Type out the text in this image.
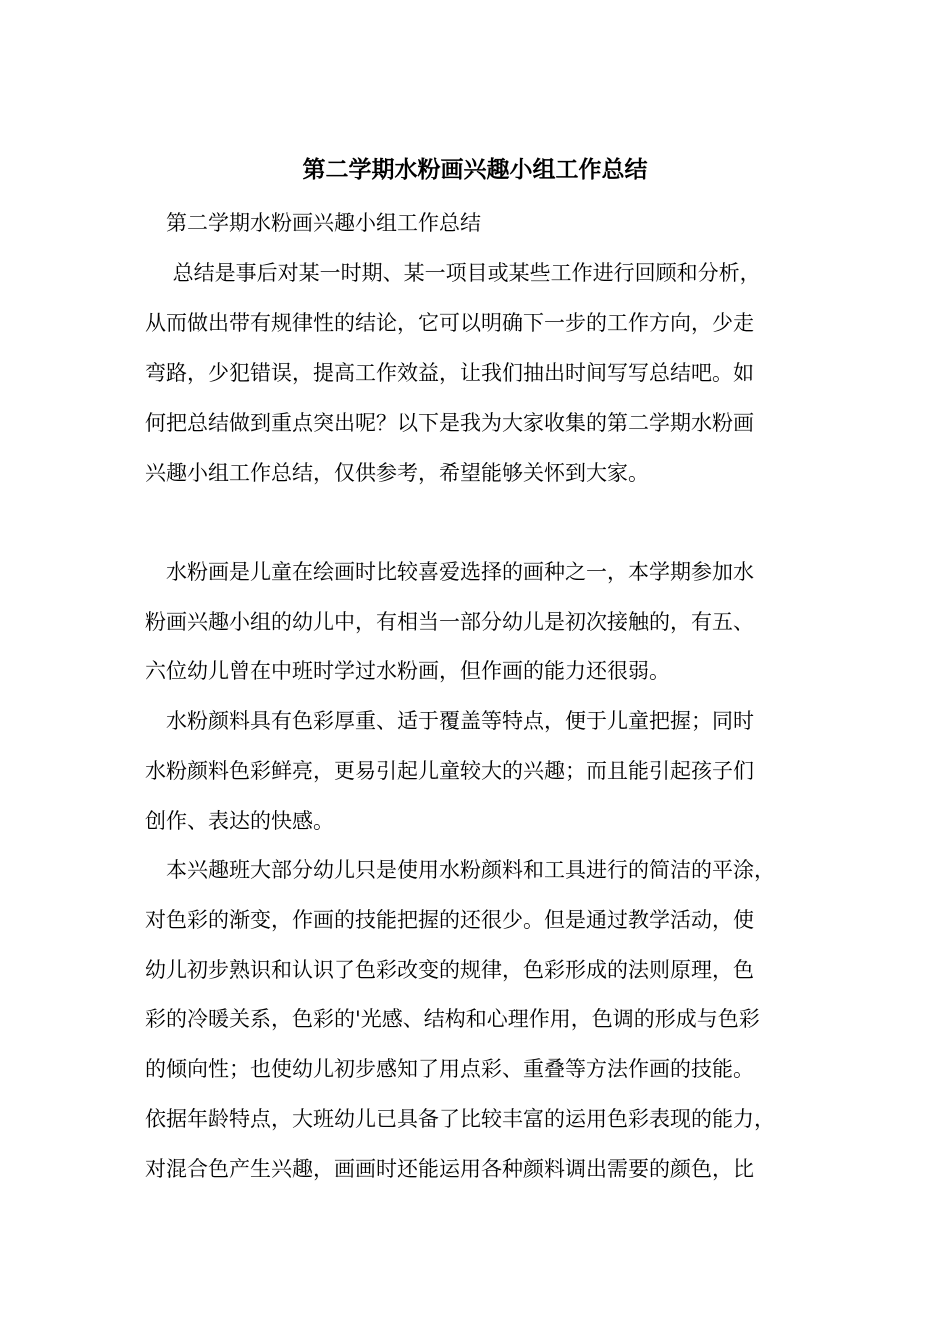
第二学期水粉画兴趣小组工作总结

　第二学期水粉画兴趣小组工作总结

　 总结是事后对某一时期、某一项目或某些工作进行回顾和分析，

从而做出带有规律性的结论，它可以明确下一步的工作方向，少走

弯路，少犯错误，提高工作效益，让我们抽出时间写写总结吧。如

何把总结做到重点突出呢？以下是我为大家收集的第二学期水粉画

兴趣小组工作总结，仅供参考，希望能够关怀到大家。

　水粉画是儿童在绘画时比较喜爱选择的画种之一，本学期参加水

粉画兴趣小组的幼儿中，有相当一部分幼儿是初次接触的，有五、

六位幼儿曾在中班时学过水粉画，但作画的能力还很弱。

　水粉颜料具有色彩厚重、适于覆盖等特点，便于儿童把握；同时

水粉颜料色彩鲜亮，更易引起儿童较大的兴趣；而且能引起孩子们

创作、表达的快感。

　本兴趣班大部分幼儿只是使用水粉颜料和工具进行的简洁的平涂，

对色彩的渐变，作画的技能把握的还很少。但是通过教学活动，使

幼儿初步熟识和认识了色彩改变的规律，色彩形成的法则原理，色

彩的冷暖关系，色彩的'光感、结构和心理作用，色调的形成与色彩

的倾向性；也使幼儿初步感知了用点彩、重叠等方法作画的技能。

依据年龄特点，大班幼儿已具备了比较丰富的运用色彩表现的能力，

对混合色产生兴趣，画画时还能运用各种颜料调出需要的颜色，比
